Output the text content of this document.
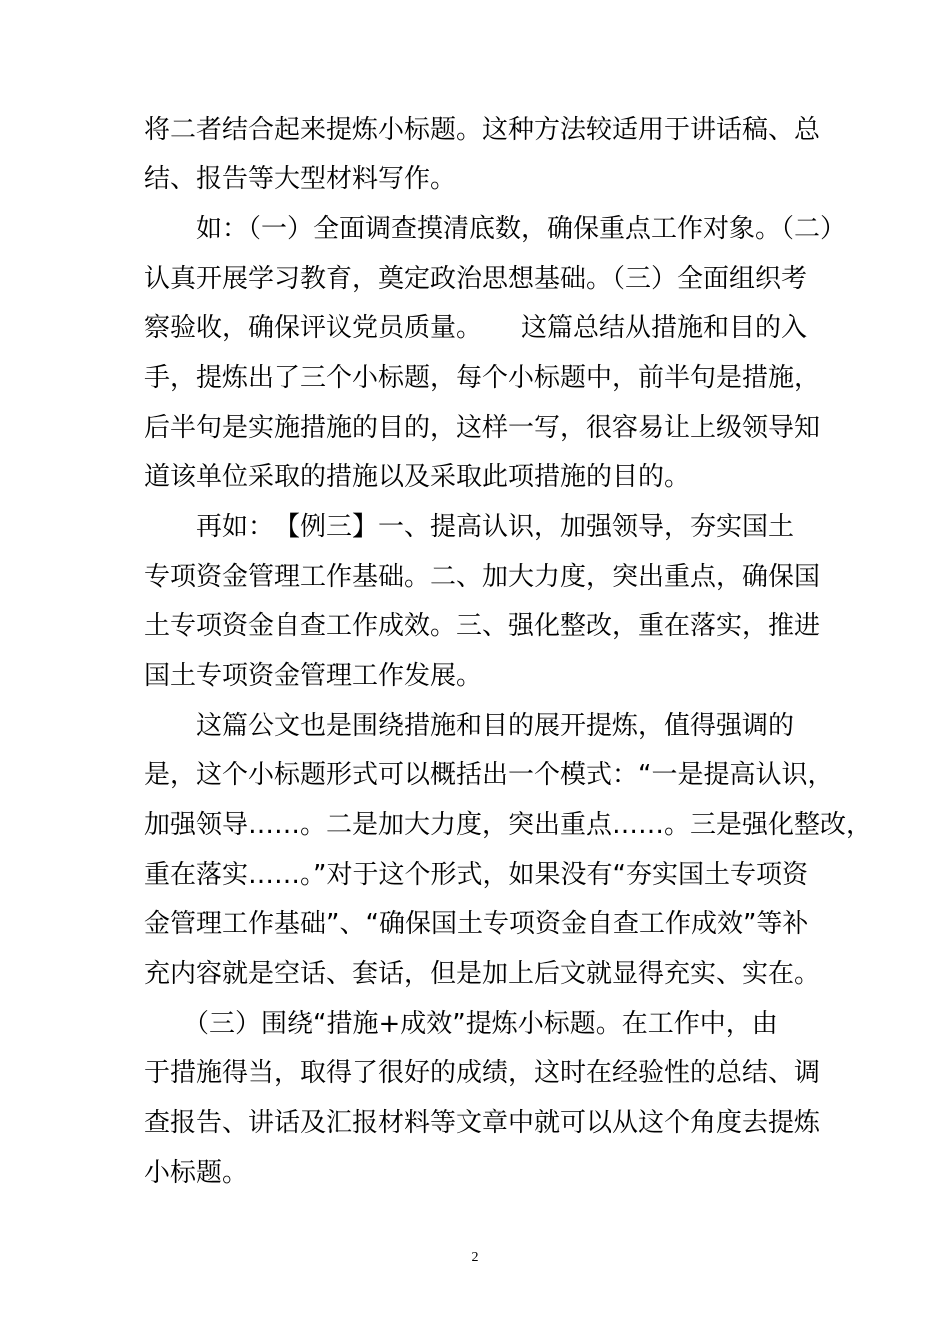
将二者结合起来提炼小标题。这种方法较适用于讲话稿、总
结、报告等大型材料写作。
　　如：（一）全面调查摸清底数，确保重点工作对象。（二）
认真开展学习教育，奠定政治思想基础。（三）全面组织考
察验收，确保评议党员质量。　　这篇总结从措施和目的入
手，提炼出了三个小标题，每个小标题中，前半句是措施，
后半句是实施措施的目的，这样一写，很容易让上级领导知
道该单位采取的措施以及采取此项措施的目的。
　　再如：　【例三】一、提高认识，加强领导，夯实国土
专项资金管理工作基础。二、加大力度，突出重点，确保国
土专项资金自查工作成效。三、强化整改，重在落实，推进
国土专项资金管理工作发展。
　　这篇公文也是围绕措施和目的展开提炼，值得强调的
是，这个小标题形式可以概括出一个模式：“一是提高认识，
加强领导……。二是加大力度，突出重点……。三是强化整改，
重在落实……。”对于这个形式，如果没有“夯实国土专项资
金管理工作基础”、“确保国土专项资金自查工作成效”等补
充内容就是空话、套话，但是加上后文就显得充实、实在。
　　（三）围绕“措施+成效”提炼小标题。在工作中，由
于措施得当，取得了很好的成绩，这时在经验性的总结、调
查报告、讲话及汇报材料等文章中就可以从这个角度去提炼
小标题。
2
